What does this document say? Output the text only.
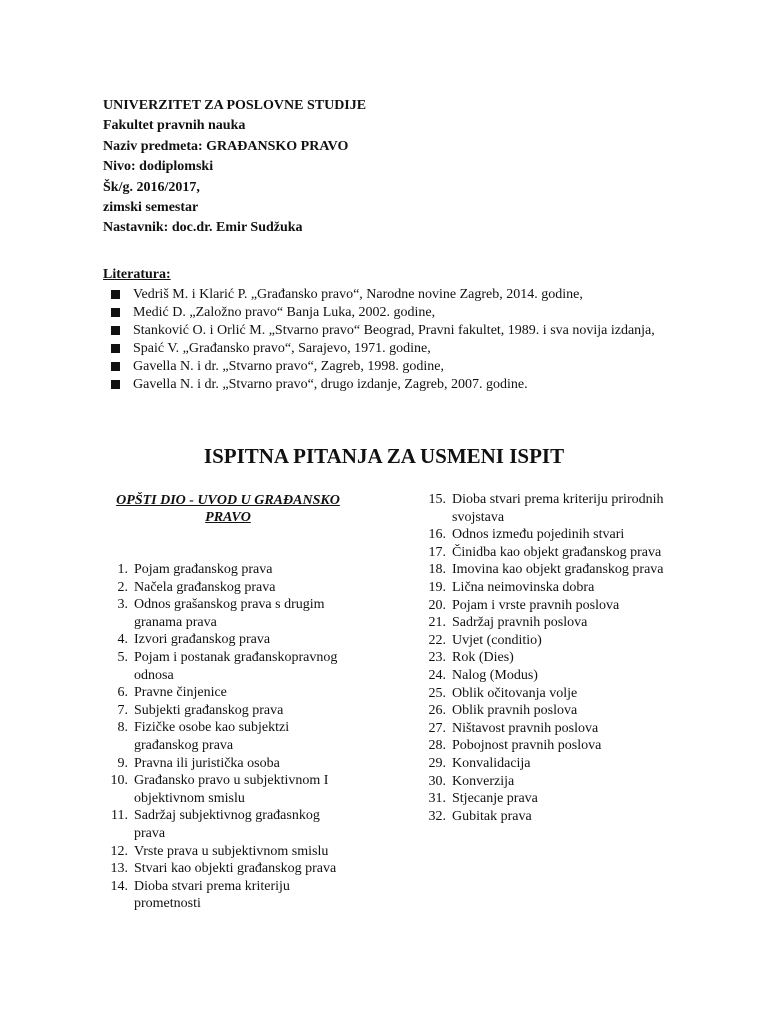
UNIVERZITET ZA POSLOVNE STUDIJE
Fakultet pravnih nauka
Naziv predmeta: GRAĐANSKO PRAVO
Nivo: dodiplomski
Šk/g. 2016/2017,
zimski semestar
Nastavnik: doc.dr. Emir Sudžuka
Literatura:
Vedriš M. i Klarić P. „Građansko pravo“, Narodne novine Zagreb, 2014. godine,
Medić D. „Založno pravo“ Banja Luka, 2002. godine,
Stanković O. i Orlić M. „Stvarno pravo“ Beograd, Pravni fakultet, 1989. i sva novija izdanja,
Spaić V. „Građansko pravo“, Sarajevo, 1971. godine,
Gavella N. i dr. „Stvarno pravo“, Zagreb, 1998. godine,
Gavella N. i dr. „Stvarno pravo“, drugo izdanje, Zagreb, 2007. godine.
ISPITNA PITANJA ZA USMENI ISPIT
OPŠTI DIO - UVOD U GRAĐANSKO PRAVO
1. Pojam građanskog prava
2. Načela građanskog prava
3. Odnos grašanskog prava s drugim granama prava
4. Izvori građanskog prava
5. Pojam i postanak građanskopravnog odnosa
6. Pravne činjenice
7. Subjekti građanskog prava
8. Fizičke osobe kao subjektzi građanskog prava
9. Pravna ili juristička osoba
10. Građansko pravo u subjektivnom I objektivnom smislu
11. Sadržaj subjektivnog građasnkog prava
12. Vrste prava u subjektivnom smislu
13. Stvari kao objekti građanskog prava
14. Dioba stvari prema kriteriju prometnosti
15. Dioba stvari prema kriteriju prirodnih svojstava
16. Odnos između pojedinih stvari
17. Činidba kao objekt građanskog prava
18. Imovina kao objekt građanskog prava
19. Lična neimovinska dobra
20. Pojam i vrste pravnih poslova
21. Sadržaj pravnih poslova
22. Uvjet (conditio)
23. Rok (Dies)
24. Nalog (Modus)
25. Oblik očitovanja volje
26. Oblik pravnih poslova
27. Ništavost pravnih poslova
28. Pobojnost pravnih poslova
29. Konvalidacija
30. Konverzija
31. Stjecanje prava
32. Gubitak prava
